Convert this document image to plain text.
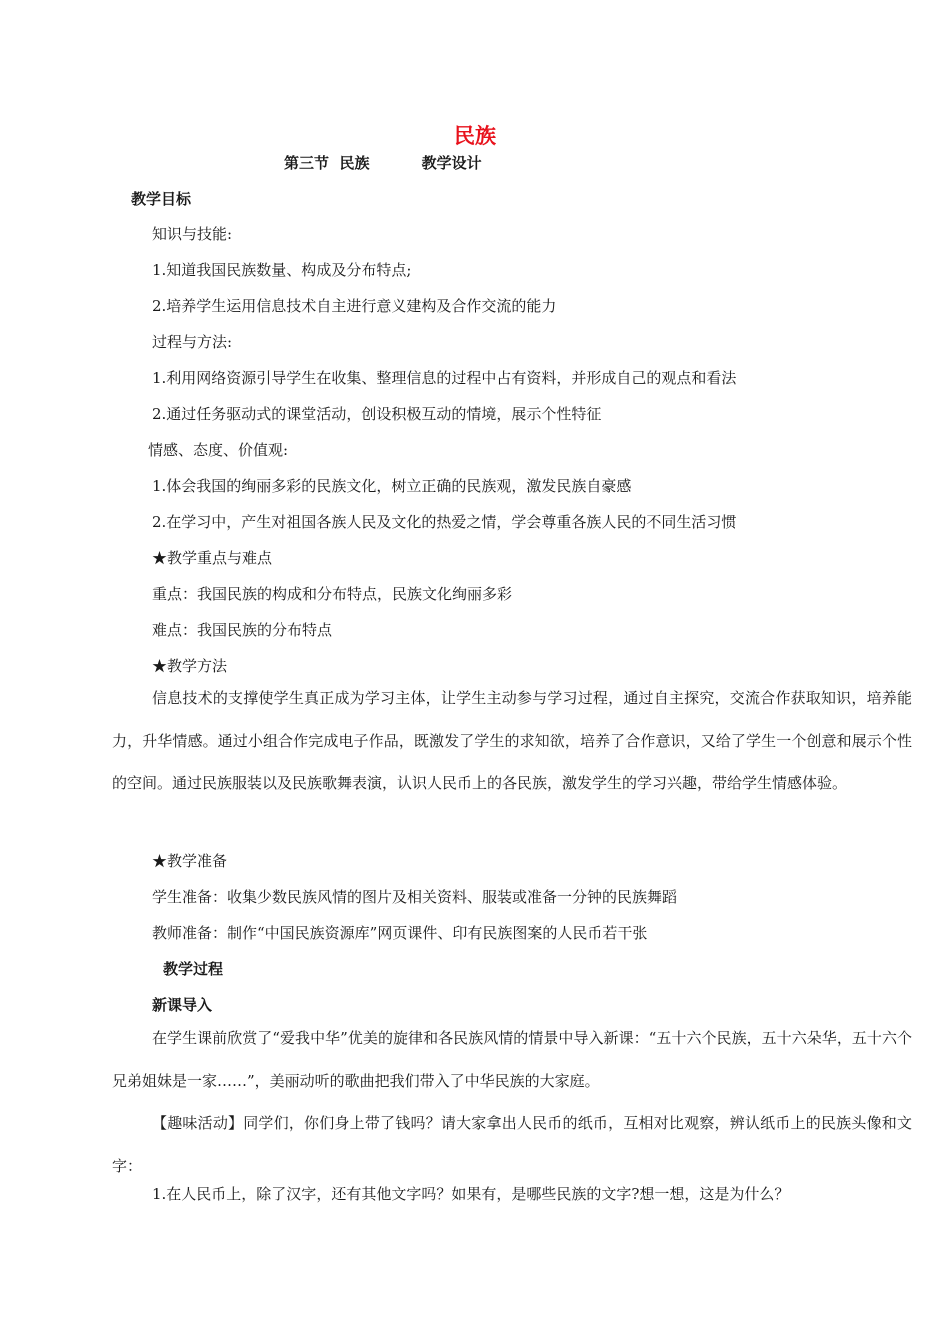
民族
第三节  民族          教学设计
教学目标
知识与技能:
1.知道我国民族数量、构成及分布特点;
2.培养学生运用信息技术自主进行意义建构及合作交流的能力
过程与方法:
1.利用网络资源引导学生在收集、整理信息的过程中占有资料，并形成自己的观点和看法
2.通过任务驱动式的课堂活动，创设积极互动的情境，展示个性特征
情感、态度、价值观:
1.体会我国的绚丽多彩的民族文化，树立正确的民族观，激发民族自豪感
2.在学习中，产生对祖国各族人民及文化的热爱之情，学会尊重各族人民的不同生活习惯
★教学重点与难点
重点：我国民族的构成和分布特点，民族文化绚丽多彩
难点：我国民族的分布特点
★教学方法
信息技术的支撑使学生真正成为学习主体，让学生主动参与学习过程，通过自主探究，交流合作获取知识，培养能力，升华情感。通过小组合作完成电子作品，既激发了学生的求知欲，培养了合作意识，又给了学生一个创意和展示个性的空间。通过民族服装以及民族歌舞表演，认识人民币上的各民族，激发学生的学习兴趣，带给学生情感体验。
★教学准备
学生准备：收集少数民族风情的图片及相关资料、服装或准备一分钟的民族舞蹈
教师准备：制作“中国民族资源库”网页课件、印有民族图案的人民币若干张
教学过程
新课导入
在学生课前欣赏了“爱我中华”优美的旋律和各民族风情的情景中导入新课：“五十六个民族，五十六朵华，五十六个兄弟姐妹是一家……”，美丽动听的歌曲把我们带入了中华民族的大家庭。
【趣味活动】同学们，你们身上带了钱吗？请大家拿出人民币的纸币，互相对比观察，辨认纸币上的民族头像和文字：
1.在人民币上，除了汉字，还有其他文字吗？如果有，是哪些民族的文字?想一想，这是为什么？
